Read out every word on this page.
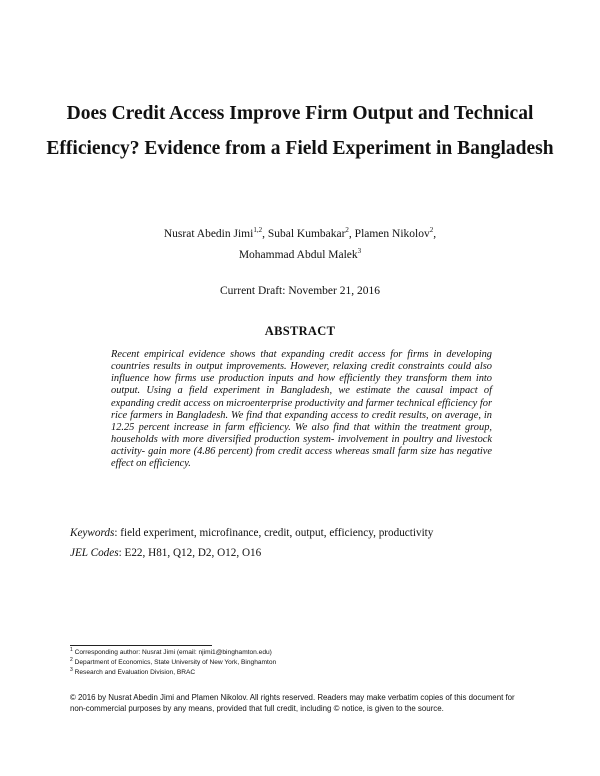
Does Credit Access Improve Firm Output and Technical Efficiency? Evidence from a Field Experiment in Bangladesh
Nusrat Abedin Jimi$^{1,2}$, Subal Kumbakar$^2$, Plamen Nikolov$^2$,
Mohammad Abdul Malek$^3$
Current Draft: November 21, 2016
ABSTRACT

Recent empirical evidence shows that expanding credit access for firms in developing countries results in output improvements. However, relaxing credit constraints could also influence how firms use production inputs and how efficiently they transform them into output. Using a field experiment in Bangladesh, we estimate the causal impact of expanding credit access on microenterprise productivity and farmer technical efficiency for rice farmers in Bangladesh. We find that expanding access to credit results, on average, in 12.25 percent increase in farm efficiency. We also find that within the treatment group, households with more diversified production system- involvement in poultry and livestock activity- gain more (4.86 percent) from credit access whereas small farm size has negative effect on efficiency.

Keywords: field experiment, microfinance, credit, output, efficiency, productivity
JEL Codes: E22, H81, Q12, D2, O12, O16
$^1$ Corresponding author: Nusrat Jimi (email: njimi1@binghamton.edu)
$^2$ Department of Economics, State University of New York, Binghamton
$^3$ Research and Evaluation Division, BRAC
© 2016 by Nusrat Abedin Jimi and Plamen Nikolov. All rights reserved. Readers may make verbatim copies of this document for non-commercial purposes by any means, provided that full credit, including © notice, is given to the source.
